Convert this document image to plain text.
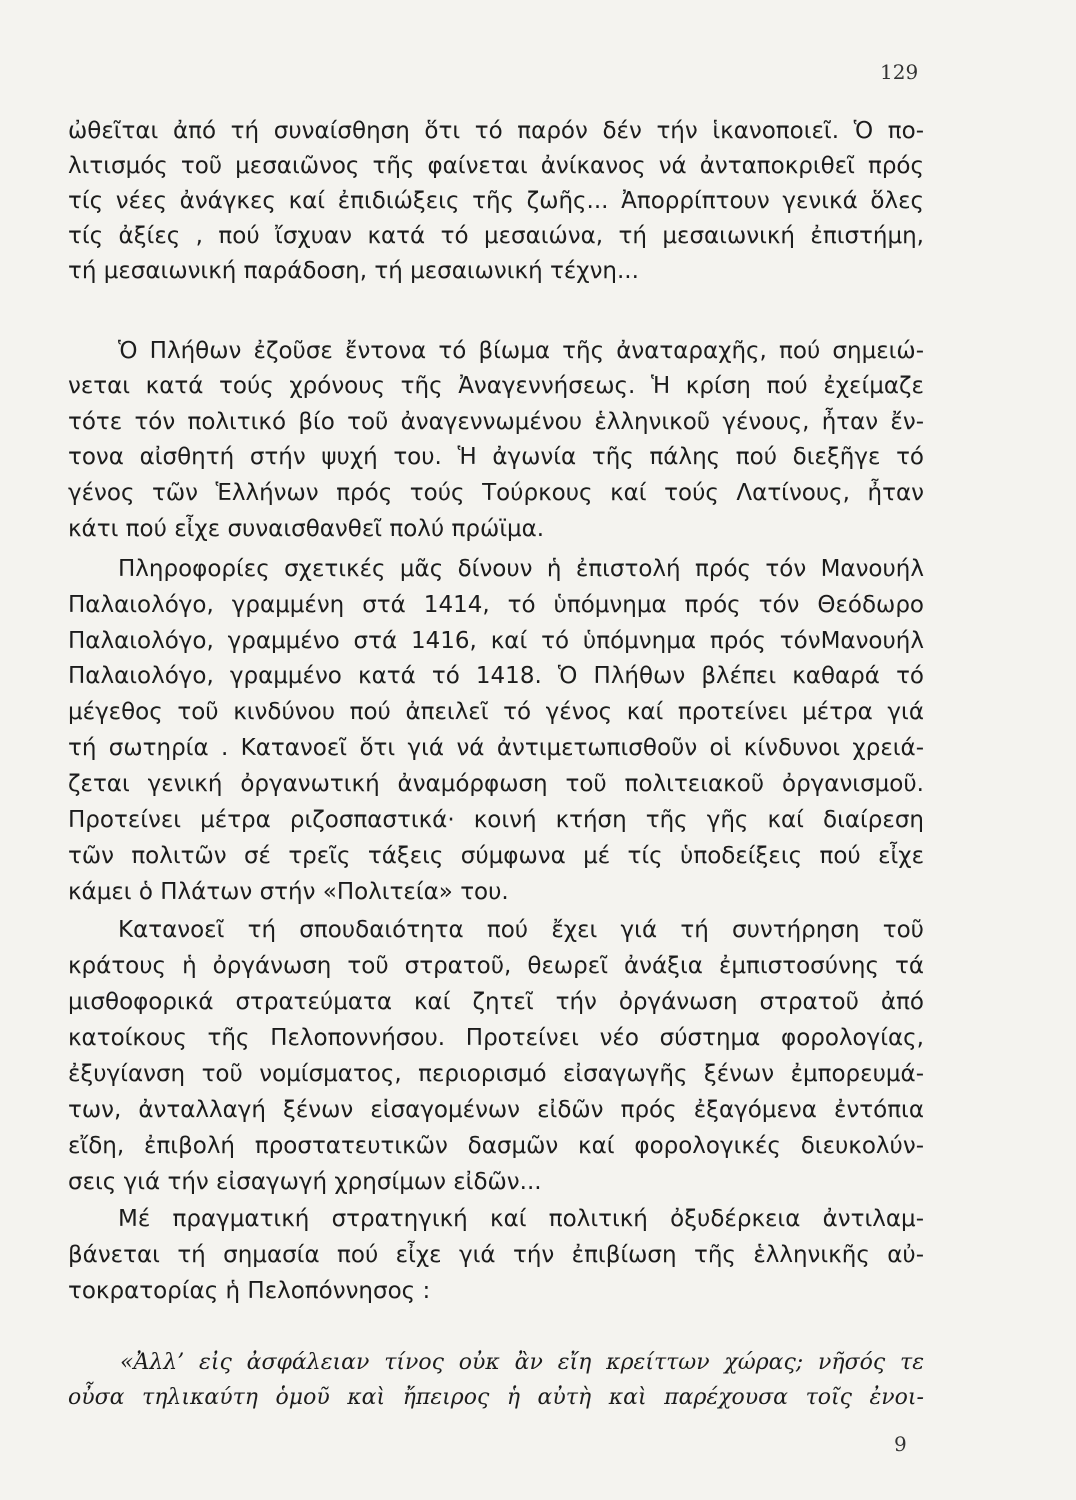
129
ὠθεῖται ἀπό τή συναίσθηση ὅτι τό παρόν δέν τήν ἱκανοποιεῖ. Ὁ πο-
λιτισμός τοῦ μεσαιῶνος τῆς φαίνεται ἀνίκανος νά ἀνταποκριθεῖ πρός
τίς νέες ἀνάγκες καί ἐπιδιώξεις τῆς ζωῆς... Ἀπορρίπτουν γενικά ὅλες
τίς ἀξίες , πού ἴσχυαν κατά τό μεσαιώνα, τή μεσαιωνική ἐπιστήμη,
τή μεσαιωνική παράδοση, τή μεσαιωνική τέχνη...
Ὁ Πλήθων ἐζοῦσε ἔντονα τό βίωμα τῆς ἀναταραχῆς, πού σημειώ-
νεται κατά τούς χρόνους τῆς Ἀναγεννήσεως. Ἡ κρίση πού ἐχείμαζε
τότε τόν πολιτικό βίο τοῦ ἀναγεννωμένου ἑλληνικοῦ γένους, ἦταν ἔν-
τονα αἰσθητή στήν ψυχή του. Ἡ ἀγωνία τῆς πάλης πού διεξῆγε τό
γένος τῶν Ἑλλήνων πρός τούς Τούρκους καί τούς Λατίνους, ἦταν
κάτι πού εἶχε συναισθανθεῖ πολύ πρώϊμα.
Πληροφορίες σχετικές μᾶς δίνουν ἡ ἐπιστολή πρός τόν Μανουήλ
Παλαιολόγο, γραμμένη στά 1414, τό ὑπόμνημα πρός τόν Θεόδωρο
Παλαιολόγο, γραμμένο στά 1416, καί τό ὑπόμνημα πρός τόνΜανουήλ
Παλαιολόγο, γραμμένο κατά τό 1418. Ὁ Πλήθων βλέπει καθαρά τό
μέγεθος τοῦ κινδύνου πού ἀπειλεῖ τό γένος καί προτείνει μέτρα γιά
τή σωτηρία . Κατανοεῖ ὅτι γιά νά ἀντιμετωπισθοῦν οἱ κίνδυνοι χρειά-
ζεται γενική ὀργανωτική ἀναμόρφωση τοῦ πολιτειακοῦ ὀργανισμοῦ.
Προτείνει μέτρα ριζοσπαστικά· κοινή κτήση τῆς γῆς καί διαίρεση
τῶν πολιτῶν σέ τρεῖς τάξεις σύμφωνα μέ τίς ὑποδείξεις πού εἶχε
κάμει ὁ Πλάτων στήν «Πολιτεία» του.
Κατανοεῖ τή σπουδαιότητα πού ἔχει γιά τή συντήρηση τοῦ
κράτους ἡ ὀργάνωση τοῦ στρατοῦ, θεωρεῖ ἀνάξια ἐμπιστοσύνης τά
μισθοφορικά στρατεύματα καί ζητεῖ τήν ὀργάνωση στρατοῦ ἀπό
κατοίκους τῆς Πελοποννήσου. Προτείνει νέο σύστημα φορολογίας,
ἐξυγίανση τοῦ νομίσματος, περιορισμό εἰσαγωγῆς ξένων ἐμπορευμά-
των, ἀνταλλαγή ξένων εἰσαγομένων εἰδῶν πρός ἐξαγόμενα ἐντόπια
εἴδη, ἐπιβολή προστατευτικῶν δασμῶν καί φορολογικές διευκολύν-
σεις γιά τήν εἰσαγωγή χρησίμων εἰδῶν...
Μέ πραγματική στρατηγική καί πολιτική ὀξυδέρκεια ἀντιλαμ-
βάνεται τή σημασία πού εἶχε γιά τήν ἐπιβίωση τῆς ἑλληνικῆς αὐ-
τοκρατορίας ἡ Πελοπόννησος :
«Ἀλλ’ εἰς ἀσφάλειαν τίνος οὐκ ἂν εἴη κρείττων χώρας; νῆσός τε
οὖσα τηλικαύτη ὁμοῦ καὶ ἤπειρος ἡ αὐτὴ καὶ παρέχουσα τοῖς ἐνοι-
9
